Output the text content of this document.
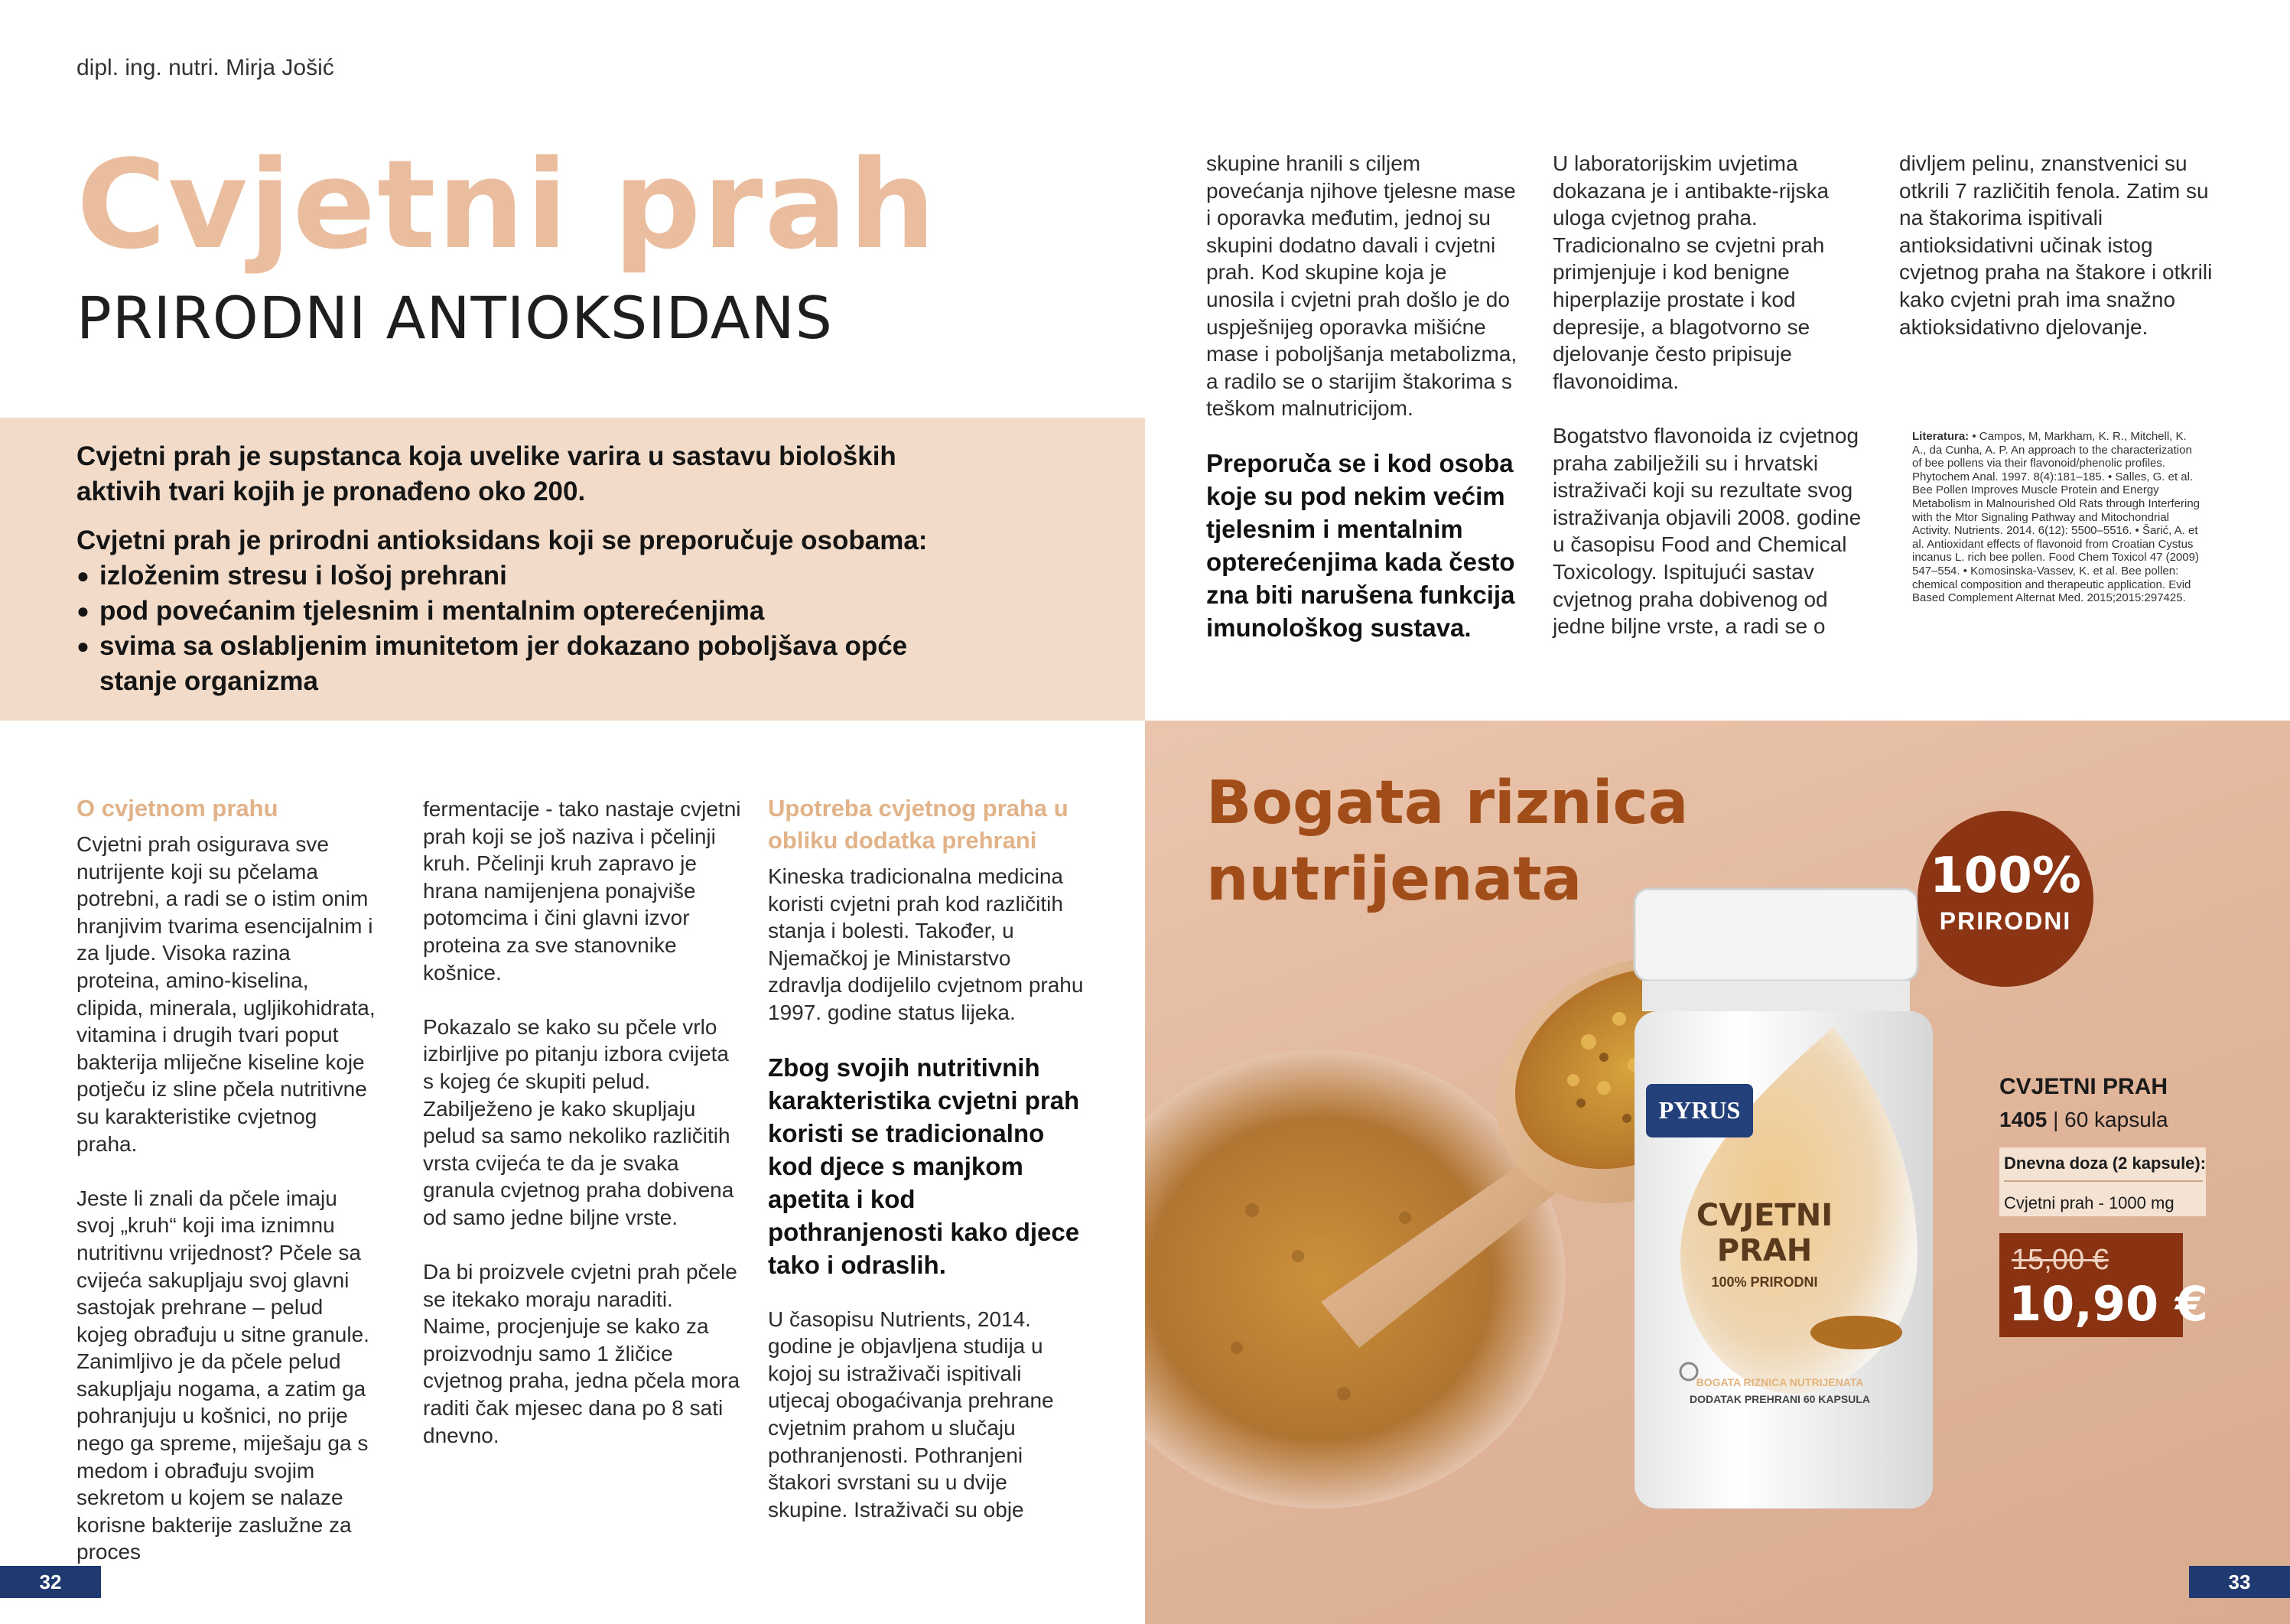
dipl. ing. nutri. Mirja Jošić
Cvjetni prah
PRIRODNI ANTIOKSIDANS

Cvjetni prah je supstanca koja uvelike varira u sastavu bioloških aktivih tvari kojih je pronađeno oko 200.

Cvjetni prah je prirodni antioksidans koji se preporučuje osobama:

● izloženim stresu i lošoj prehrani
● pod povećanim tjelesnim i mentalnim opterećenjima
● svima sa oslabljenim imunitetom jer dokazano poboljšava opće stanje organizma
O cvjetnom prahu

Cvjetni prah osigurava sve nutrijente koji su pčelama potrebni, a radi se o istim onim hranjivim tvarima esencijalnim i za ljude. Visoka razina proteina, amino-kiselina, clipida, minerala, ugljikohidrata, vitamina i drugih tvari poput bakterija mliječne kiseline koje potječu iz sline pčela nutritivne su karakteristike cvjetnog praha.

Jeste li znali da pčele imaju svoj „kruh“ koji ima iznimnu nutritivnu vrijednost? Pčele sa cvijeća sakupljaju svoj glavni sastojak prehrane – pelud kojeg obrađuju u sitne granule. Zanimljivo je da pčele pelud sakupljaju nogama, a zatim ga pohranjuju u košnici, no prije nego ga spreme, miješaju ga s medom i obrađuju svojim sekretom u kojem se nalaze korisne bakterije zaslužne za proces

fermentacije - tako nastaje cvjetni prah koji se još naziva i pčelinji kruh. Pčelinji kruh zapravo je hrana namijenjena ponajviše potomcima i čini glavni izvor proteina za sve stanovnike košnice.

Pokazalo se kako su pčele vrlo izbirljive po pitanju izbora cvijeta s kojeg će skupiti pelud. Zabilježeno je kako skupljaju pelud sa samo nekoliko različitih vrsta cvijeća te da je svaka granula cvjetnog praha dobivena od samo jedne biljne vrste.

Da bi proizvele cvjetni prah pčele se itekako moraju naraditi. Naime, procjenjuje se kako za proizvodnju samo 1 žličice cvjetnog praha, jedna pčela mora raditi čak mjesec dana po 8 sati dnevno.

Upotreba cvjetnog praha u obliku dodatka prehrani

Kineska tradicionalna medicina koristi cvjetni prah kod različitih stanja i bolesti. Također, u Njemačkoj je Ministarstvo zdravlja dodijelilo cvjetnom prahu 1997. godine status lijeka.

Zbog svojih nutritivnih karakteristika cvjetni prah koristi se tradicionalno kod djece s manjkom apetita i kod pothranjenosti kako djece tako i odraslih.

U časopisu Nutrients, 2014. godine je objavljena studija u kojoj su istraživači ispitivali utjecaj obogaćivanja prehrane cvjetnim prahom u slučaju pothranjenosti. Pothranjeni štakori svrstani su u dvije skupine. Istraživači su obje

skupine hranili s ciljem povećanja njihove tjelesne mase i oporavka međutim, jednoj su skupini dodatno davali i cvjetni prah. Kod skupine koja je unosila i cvjetni prah došlo je do uspješnijeg oporavka mišićne mase i poboljšanja metabolizma, a radilo se o starijim štakorima s teškom malnutricijom.

Preporuča se i kod osoba koje su pod nekim većim tjelesnim i mentalnim opterećenjima kada često zna biti narušena funkcija imunološkog sustava.

U laboratorijskim uvjetima dokazana je i antibakte-rijska uloga cvjetnog praha. Tradicionalno se cvjetni prah primjenjuje i kod benigne hiperplazije prostate i kod depresije, a blagotvorno se djelovanje često pripisuje flavonoidima.

Bogatstvo flavonoida iz cvjetnog praha zabilježili su i hrvatski istraživači koji su rezultate svog istraživanja objavili 2008. godine u časopisu Food and Chemical Toxicology. Ispitujući sastav cvjetnog praha dobivenog od jedne biljne vrste, a radi se o

divljem pelinu, znanstvenici su otkrili 7 različitih fenola. Zatim su na štakorima ispitivali antioksidativni učinak istog cvjetnog praha na štakore i otkrili kako cvjetni prah ima snažno aktioksidativno djelovanje.

Literatura: • Campos, M, Markham, K. R., Mitchell, K. A., da Cunha, A. P. An approach to the characterization of bee pollens via their flavonoid/phenolic profiles. Phytochem Anal. 1997. 8(4):181–185. • Salles, G. et al. Bee Pollen Improves Muscle Protein and Energy Metabolism in Malnourished Old Rats through Interfering with the Mtor Signaling Pathway and Mitochondrial Activity. Nutrients. 2014. 6(12): 5500–5516. • Šarić, A. et al. Antioxidant effects of flavonoid from Croatian Cystus incanus L. rich bee pollen. Food Chem Toxicol 47 (2009) 547–554. • Komosinska-Vassev, K. et al. Bee pollen: chemical composition and therapeutic application. Evid Based Complement Alternat Med. 2015;2015:297425.
PYRUS
CVJETNI
PRAH
100% PRIRODNI
BOGATA RIZNICA NUTRIJENATA
DODATAK PREHRANI 60 KAPSULA
Bogata riznica
nutrijenata	100%
PRIRODNI
CVJETNI PRAH
1405 | 60 kapsula
Dnevna doza (2 kapsule):
Cvjetni prah - 1000 mg
15,00 €
10,90 €
32	33
